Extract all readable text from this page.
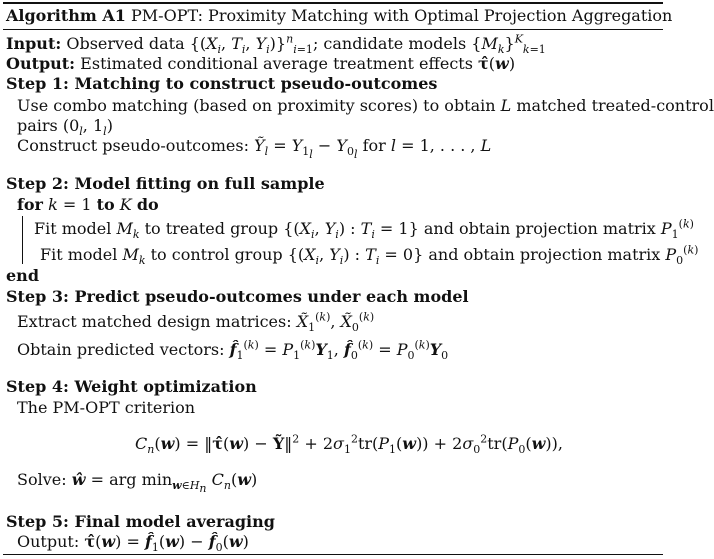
Algorithm A1 PM-OPT: Proximity Matching with Optimal Projection Aggregation
Input: Observed data {($X_i$, $T_i$, $Y_i)\}^n_{i=1}$; candidate models $\{M_k\}^K_{k=1}$
Output: Estimated conditional average treatment effects τ̂(w)
Step 1: Matching to construct pseudo-outcomes
Use combo matching (based on proximity scores) to obtain L matched treated-control
pairs ($0_l$, $1_l$)
Construct pseudo-outcomes: Ỹ$_l$ = $Y_{1_l} - Y_{0_l}$ for l = 1, . . . , L
Step 2: Model fitting on full sample
for k = 1 to K do
Fit model $M_k$ to treated group {($X_i$, $Y_i$) : $T_i = 1$} and obtain projection matrix $P_1^{(k)}$
Fit model $M_k$ to control group {($X_i$, $Y_i$) : $T_i = 0$} and obtain projection matrix $P_0^{(k)}$
end
Step 3: Predict pseudo-outcomes under each model
Extract matched design matrices: $X̃_1^{(k)}$, $X̃_0^{(k)}$
Obtain predicted vectors: $f̂_1^{(k)} = P_1^{(k)}Y_1$, $f̂_0^{(k)} = P_0^{(k)}Y_0$
Step 4: Weight optimization
The PM-OPT criterion
$C_n(w)$ = ‖τ̂(w) − Ỹ‖$^2$ + $2\sigma_1^2tr(P_1(w)) + 2\sigma_0^2tr(P_0(w))$,
Solve: ŵ = arg $\min_{w\in H_n} C_n(w)$
Step 5: Final model averaging
Output: τ̂(w) = $f̂_1(w)$ − $f̂_0(w)$
